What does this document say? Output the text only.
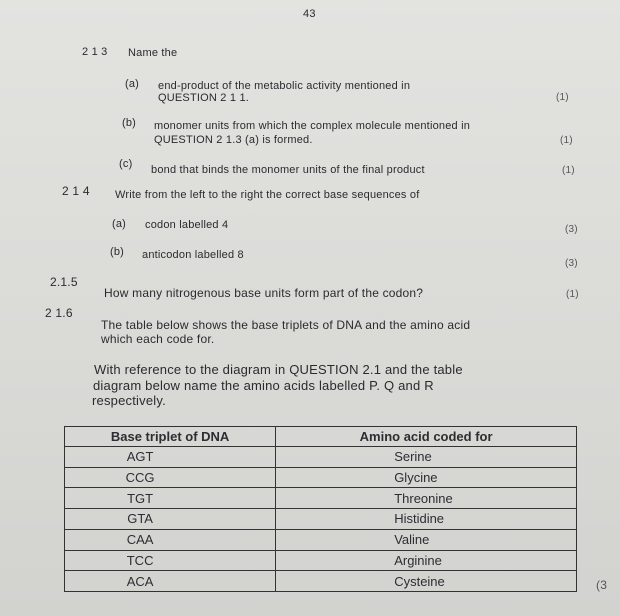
43
2 1 3 Name the
(a) end-product of the metabolic activity mentioned in
QUESTION 2 1 1.	(1)
(b) monomer units from which the complex molecule mentioned in
QUESTION 2 1.3 (a) is formed.	(1)
(c) bond that binds the monomer units of the final product	(1)
2 1 4 Write from the left to the right the correct base sequences of
(a) codon labelled 4	(3)
(b) anticodon labelled 8
(3)
2.1.5
How many nitrogenous base units form part of the codon?	(1)
2 1.6
The table below shows the base triplets of DNA and the amino acid
which each code for.
With reference to the diagram in QUESTION 2.1 and the table
diagram below name the amino acids labelled P. Q and R
respectively.
Base triplet of DNA	Amino acid coded for
AGT	Serine
CCG	Glycine
TGT	Threonine
GTA	Histidine
CAA	Valine
TCC	Arginine
ACA	Cysteine	(3
